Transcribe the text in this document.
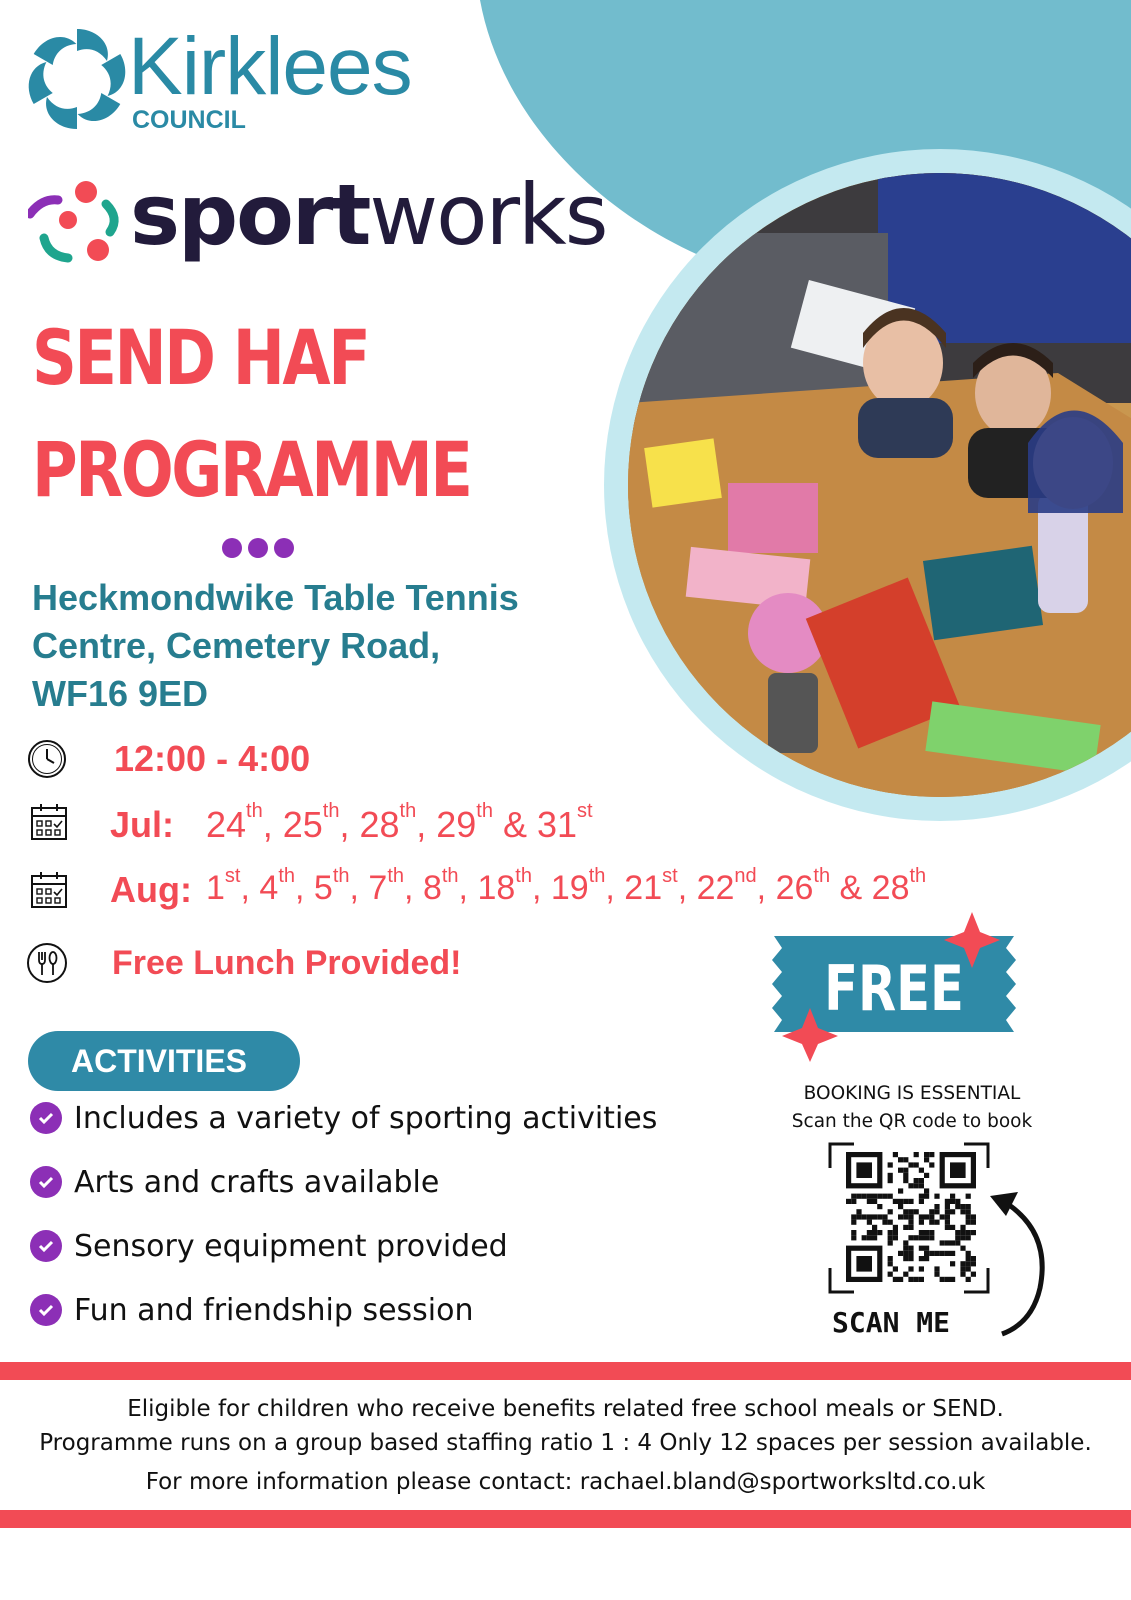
Kirklees
COUNCIL
sportworks
SEND HAF
PROGRAMME
Heckmondwike Table Tennis
Centre, Cemetery Road,
WF16 9ED
12:00 - 4:00
Jul: 24th, 25th, 28th, 29th & 31st
Aug: 1st, 4th, 5th, 7th, 8th, 18th, 19th, 21st, 22nd, 26th & 28th
Free Lunch Provided!
ACTIVITIES
Includes a variety of sporting activities
Arts and crafts available
Sensory equipment provided
Fun and friendship session
FREE
BOOKING IS ESSENTIAL
Scan the QR code to book
SCAN ME
Eligible for children who receive benefits related free school meals or SEND.
Programme runs on a group based staffing ratio 1 : 4 Only 12 spaces per session available.
For more information please contact: rachael.bland@sportworksltd.co.uk
